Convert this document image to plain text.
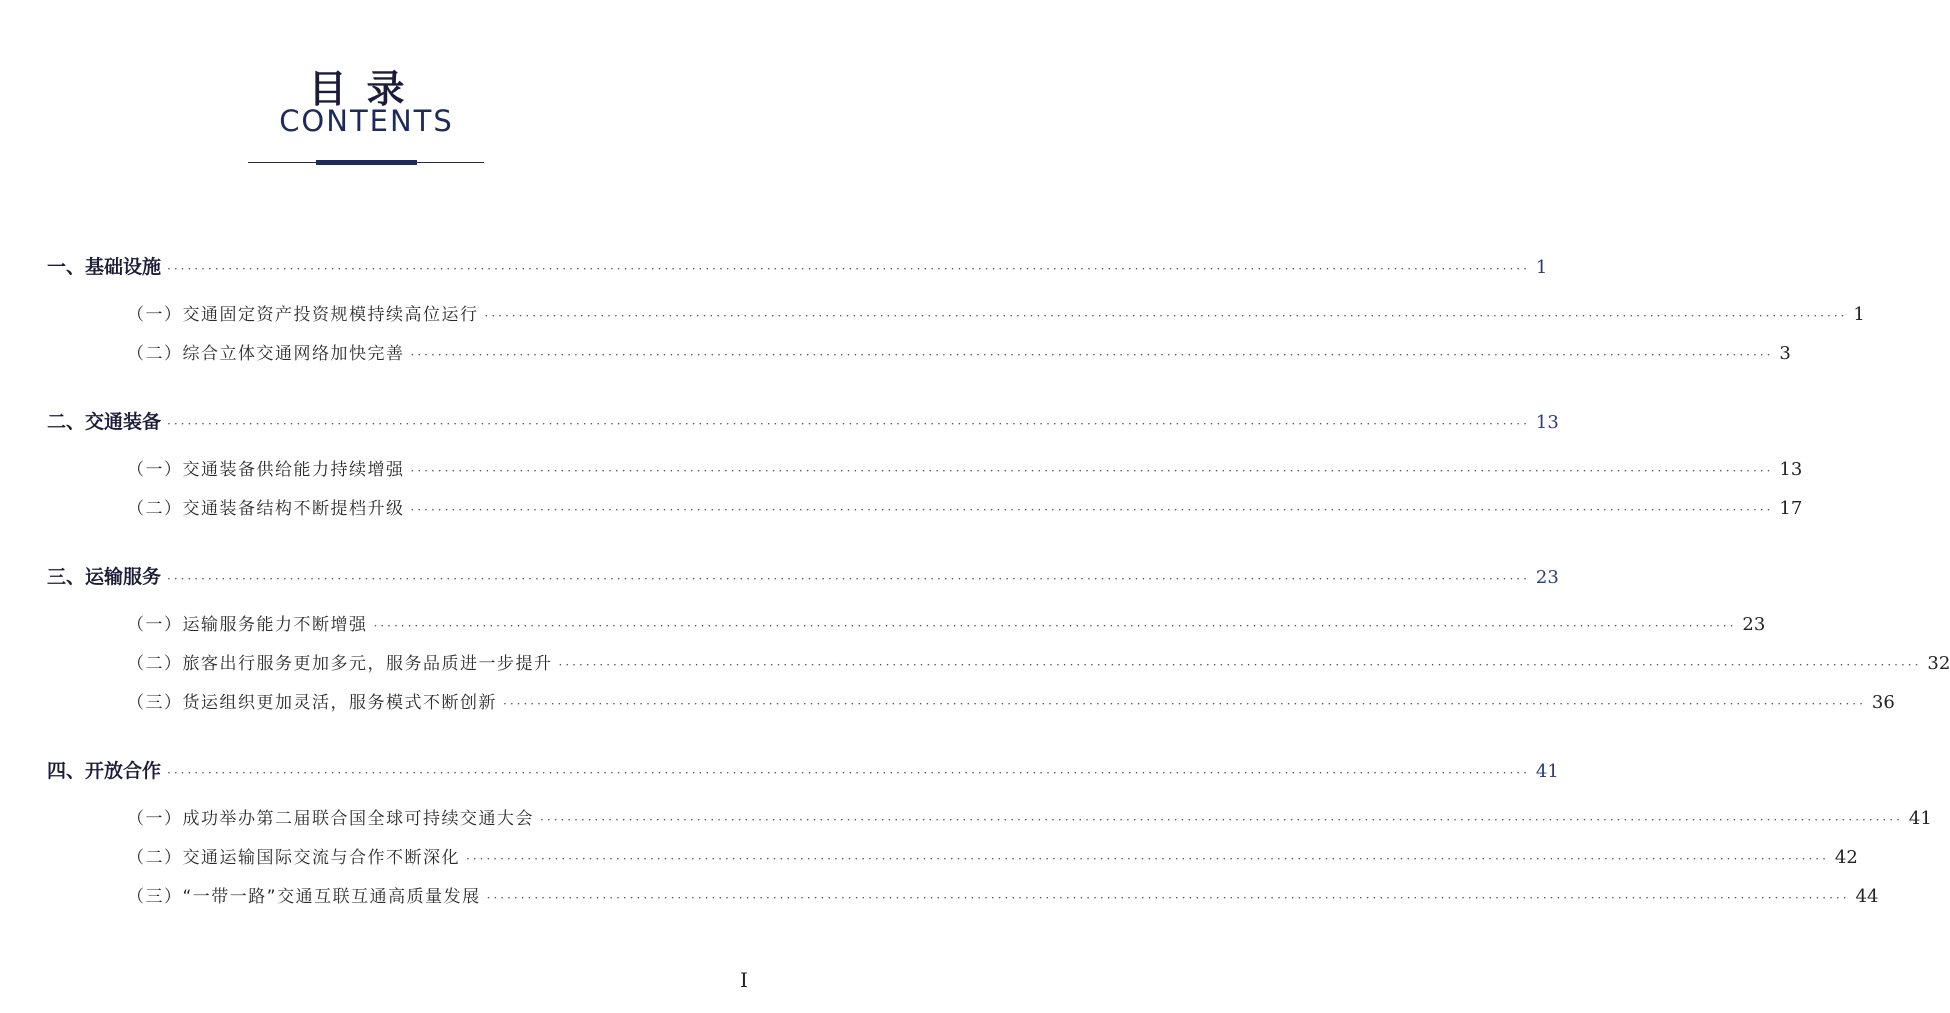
目录
CONTENTS
一、基础设施 ········································································································································································································ 1
（一）交通固定资产投资规模持续高位运行 ········································································································································································································ 1
（二）综合立体交通网络加快完善 ········································································································································································································ 3
二、交通装备 ········································································································································································································ 13
（一）交通装备供给能力持续增强 ········································································································································································································ 13
（二）交通装备结构不断提档升级 ········································································································································································································ 17
三、运输服务 ········································································································································································································ 23
（一）运输服务能力不断增强 ········································································································································································································ 23
（二）旅客出行服务更加多元，服务品质进一步提升 ········································································································································································································ 32
（三）货运组织更加灵活，服务模式不断创新 ········································································································································································································ 36
四、开放合作 ········································································································································································································ 41
（一）成功举办第二届联合国全球可持续交通大会 ········································································································································································································ 41
（二）交通运输国际交流与合作不断深化 ········································································································································································································ 42
（三）“一带一路”交通互联互通高质量发展 ········································································································································································································ 44
I
